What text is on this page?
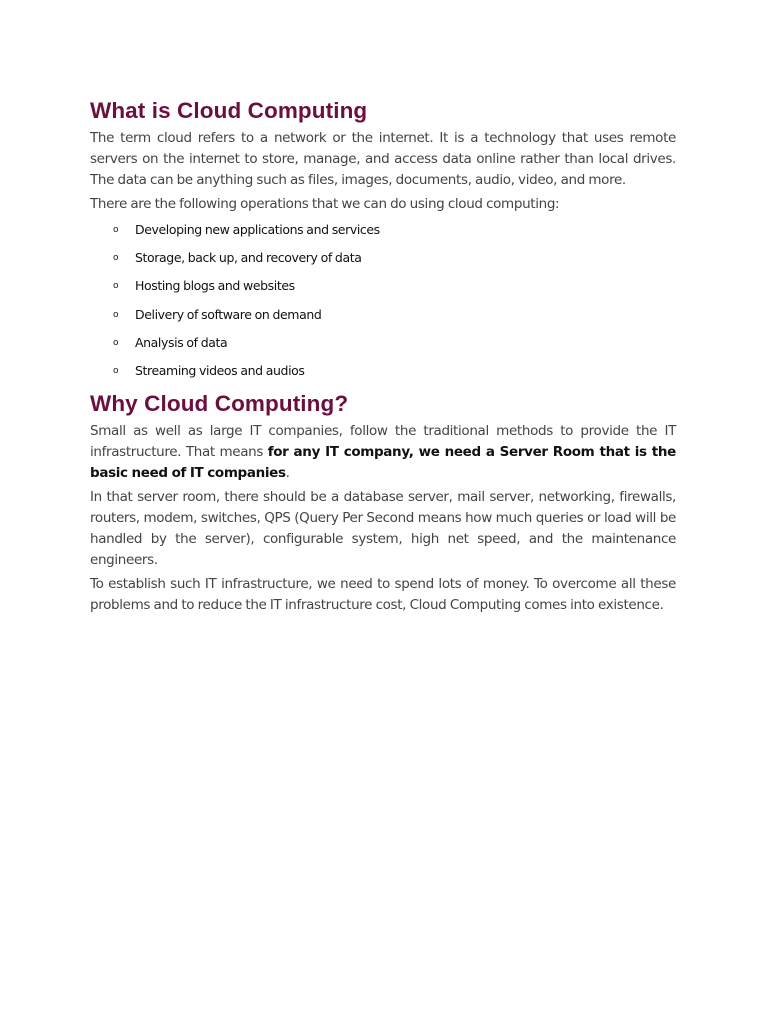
What is Cloud Computing

The term cloud refers to a network or the internet. It is a technology that uses remote servers on the internet to store, manage, and access data online rather than local drives. The data can be anything such as files, images, documents, audio, video, and more.

There are the following operations that we can do using cloud computing:

o Developing new applications and services
o Storage, back up, and recovery of data
o Hosting blogs and websites
o Delivery of software on demand
o Analysis of data
o Streaming videos and audios
Why Cloud Computing?

Small as well as large IT companies, follow the traditional methods to provide the IT infrastructure. That means for any IT company, we need a Server Room that is the basic need of IT companies.

In that server room, there should be a database server, mail server, networking, firewalls, routers, modem, switches, QPS (Query Per Second means how much queries or load will be handled by the server), configurable system, high net speed, and the maintenance engineers.

To establish such IT infrastructure, we need to spend lots of money. To overcome all these problems and to reduce the IT infrastructure cost, Cloud Computing comes into existence.
